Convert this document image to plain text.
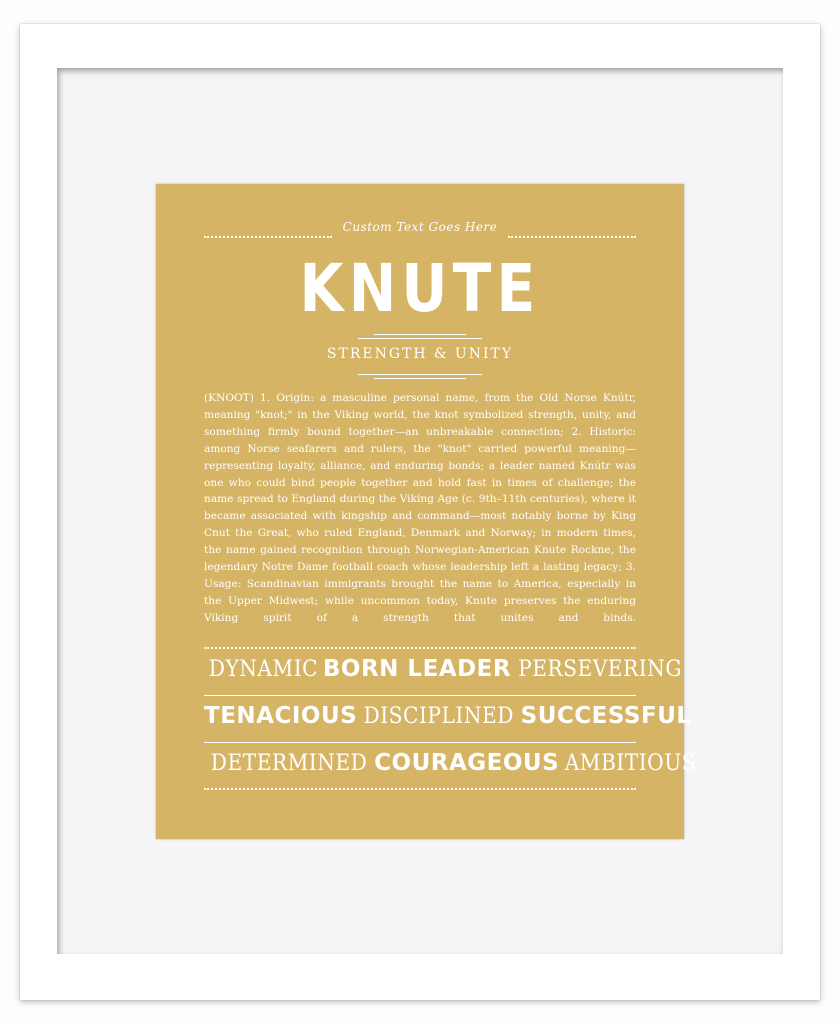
Custom Text Goes Here
KNUTE
STRENGTH & UNITY
(KNOOT) 1. Origin: a masculine personal name, from the Old Norse Knútr, meaning "knot;" in the Viking world, the knot symbolized strength, unity, and something firmly bound together—an unbreakable connection; 2. Historic: among Norse seafarers and rulers, the "knot" carried powerful meaning—representing loyalty, alliance, and enduring bonds; a leader named Knútr was one who could bind people together and hold fast in times of challenge; the name spread to England during the Viking Age (c. 9th–11th centuries), where it became associated with kingship and command—most notably borne by King Cnut the Great, who ruled England, Denmark and Norway; in modern times, the name gained recognition through Norwegian-American Knute Rockne, the legendary Notre Dame football coach whose leadership left a lasting legacy; 3. Usage: Scandinavian immigrants brought the name to America, especially in the Upper Midwest; while uncommon today, Knute preserves the enduring Viking spirit of a strength that unites and binds.
DYNAMIC BORN LEADER PERSEVERING
TENACIOUS DISCIPLINED SUCCESSFUL
DETERMINED COURAGEOUS AMBITIOUS
